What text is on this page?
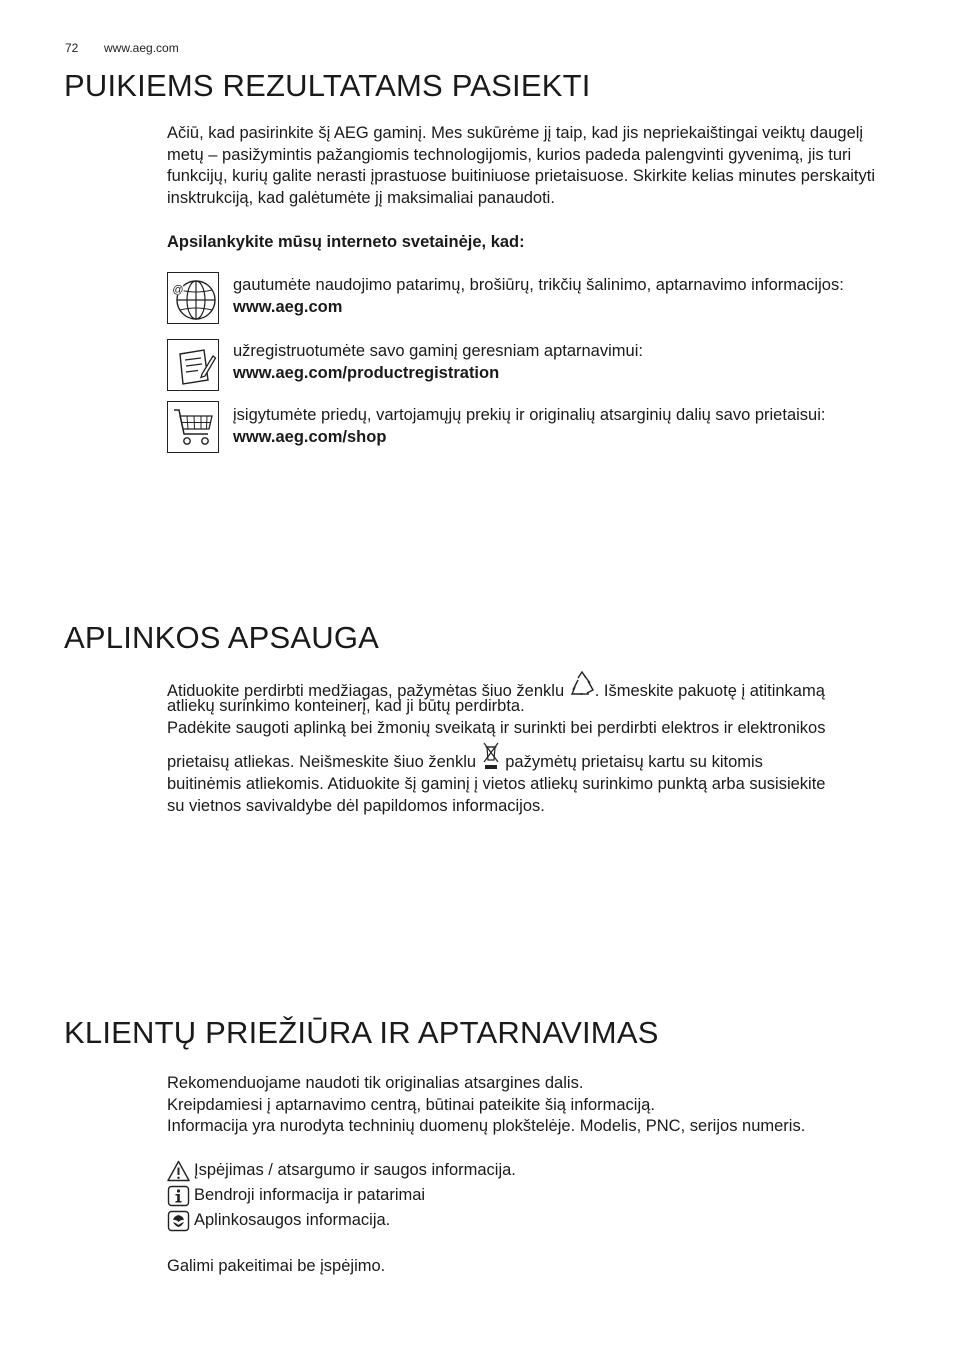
72 www.aeg.com
PUIKIEMS REZULTATAMS PASIEKTI

Ačiū, kad pasirinkite šį AEG gaminį. Mes sukūrėme jį taip, kad jis nepriekaištingai veiktų daugelį metų – pasižymintis pažangiomis technologijomis, kurios padeda palengvinti gyvenimą, jis turi funkcijų, kurių galite nerasti įprastuose buitiniuose prietaisuose. Skirkite kelias minutes perskaityti insktrukciją, kad galėtumėte jį maksimaliai panaudoti.

Apsilankykite mūsų interneto svetainėje, kad:
@	gautumėte naudojimo patarimų, brošiūrų, trikčių šalinimo, aptarnavimo informacijos:
www.aeg.com
užregistruotumėte savo gaminį geresniam aptarnavimui:
www.aeg.com/productregistration
įsigytumėte priedų, vartojamųjų prekių ir originalių atsarginių dalių savo prietaisui:
www.aeg.com/shop
APLINKOS APSAUGA
Atiduokite perdirbti medžiagas, pažymėtas šiuo ženklu . Išmeskite pakuotę į atitinkamą
atliekų surinkimo konteinerį, kad ji būtų perdirbta.
Padėkite saugoti aplinką bei žmonių sveikatą ir surinkti bei perdirbti elektros ir elektronikos
prietaisų atliekas. Neišmeskite šiuo ženklu  pažymėtų prietaisų kartu su kitomis
buitinėmis atliekomis. Atiduokite šį gaminį į vietos atliekų surinkimo punktą arba susisiekite
su vietnos savivaldybe dėl papildomos informacijos.
KLIENTŲ PRIEŽIŪRA IR APTARNAVIMAS

Rekomenduojame naudoti tik originalias atsargines dalis.

Kreipdamiesi į aptarnavimo centrą, būtinai pateikite šią informaciją.

Informacija yra nurodyta techninių duomenų plokštelėje. Modelis, PNC, serijos numeris.

Įspėjimas / atsargumo ir saugos informacija.
Bendroji informacija ir patarimai
Aplinkosaugos informacija.
Galimi pakeitimai be įspėjimo.
